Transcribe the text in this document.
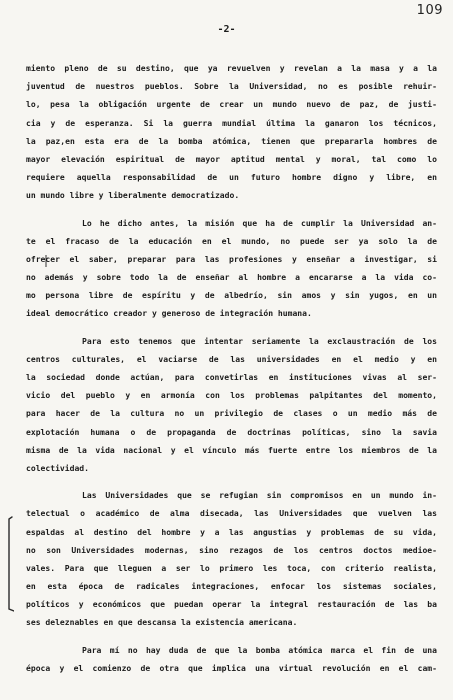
109
-2-
miento pleno de su destino, que ya revuelven y revelan a la masa y a la
juventud de nuestros pueblos. Sobre la Universidad, no es posible rehuir-
lo, pesa la obligación urgente de crear un mundo nuevo de paz, de justi-
cia y de esperanza. Si la guerra mundial última la ganaron los técnicos,
la paz,en esta era de la bomba atómica, tienen que prepararla hombres de
mayor elevación espiritual de mayor aptitud mental y moral, tal como lo
requiere aquella responsabilidad de un futuro hombre digno y libre, en
un mundo libre y liberalmente democratizado.
Lo he dicho antes, la misión que ha de cumplir la Universidad an-
te el fracaso de la educación en el mundo, no puede ser ya solo la de
ofrecer el saber, preparar para las profesiones y enseñar a investigar, si
no además y sobre todo la de enseñar al hombre a encararse a la vida co-
mo persona libre de espíritu y de albedrío, sin amos y sin yugos, en un
ideal democrático creador y generoso de integración humana.
Para esto tenemos que intentar seriamente la exclaustración de los
centros culturales, el vaciarse de las universidades en el medio y en
la sociedad donde actúan, para convetirlas en instituciones vivas al ser-
vicio del pueblo y en armonía con los problemas palpitantes del momento,
para hacer de la cultura no un privilegio de clases o un medio más de
explotación humana o de propaganda de doctrinas políticas, sino la savia
misma de la vida nacional y el vínculo más fuerte entre los miembros de la
colectividad.
Las Universidades que se refugian sin compromisos en un mundo in-
telectual o académico de alma disecada, las Universidades que vuelven las
espaldas al destino del hombre y a las angustias y problemas de su vida,
no son Universidades modernas, sino rezagos de los centros doctos medioe-
vales. Para que lleguen a ser lo primero les toca, con criterio realista,
en esta época de radicales integraciones, enfocar los sistemas sociales,
políticos y económicos que puedan operar la integral restauración de las ba
ses deleznables en que descansa la existencia americana.
Para mí no hay duda de que la bomba atómica marca el fin de una
época y el comienzo de otra que implica una virtual revolución en el cam-
